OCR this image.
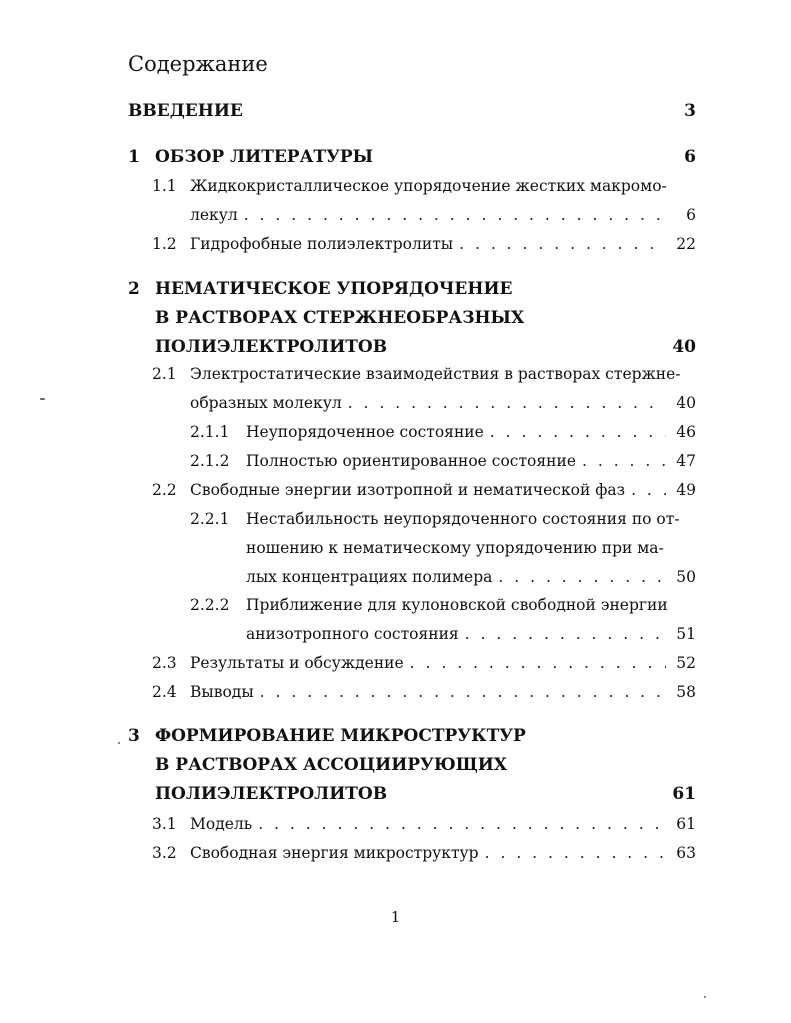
Содержание
ВВЕДЕНИЕ	3
1 ОБЗОР ЛИТЕРАТУРЫ	6
1.1 Жидкокристаллическое упорядочение жестких макромо-
лекул . . .	6
1.2 Гидрофобные полиэлектролиты . . .	22
2 НЕМАТИЧЕСКОЕ УПОРЯДОЧЕНИЕ
В РАСТВОРАХ СТЕРЖНЕОБРАЗНЫХ
ПОЛИЭЛЕКТРОЛИТОВ	40
2.1 Электростатические взаимодействия в растворах стержне-
образных молекул . . .	40
2.1.1	Неупорядоченное состояние . . .	46
2.1.2	Полностью ориентированное состояние . . .	47
2.2 Свободные энергии изотропной и нематической фаз . . .	49
2.2.1 Нестабильность неупорядоченного состояния по от-
ношению к нематическому упорядочению при ма-
лых концентрациях полимера . . .	50
2.2.2 Приближение для кулоновской свободной энергии
анизотропного состояния . . .	51
2.3 Результаты и обсуждение . . .	52
2.4 Выводы . . .	58
3 ФОРМИРОВАНИЕ МИКРОСТРУКТУР
В РАСТВОРАХ АССОЦИИРУЮЩИХ
ПОЛИЭЛЕКТРОЛИТОВ	61
3.1 Модель . . .	61
3.2 Свободная энергия микроструктур . . .	63
1
